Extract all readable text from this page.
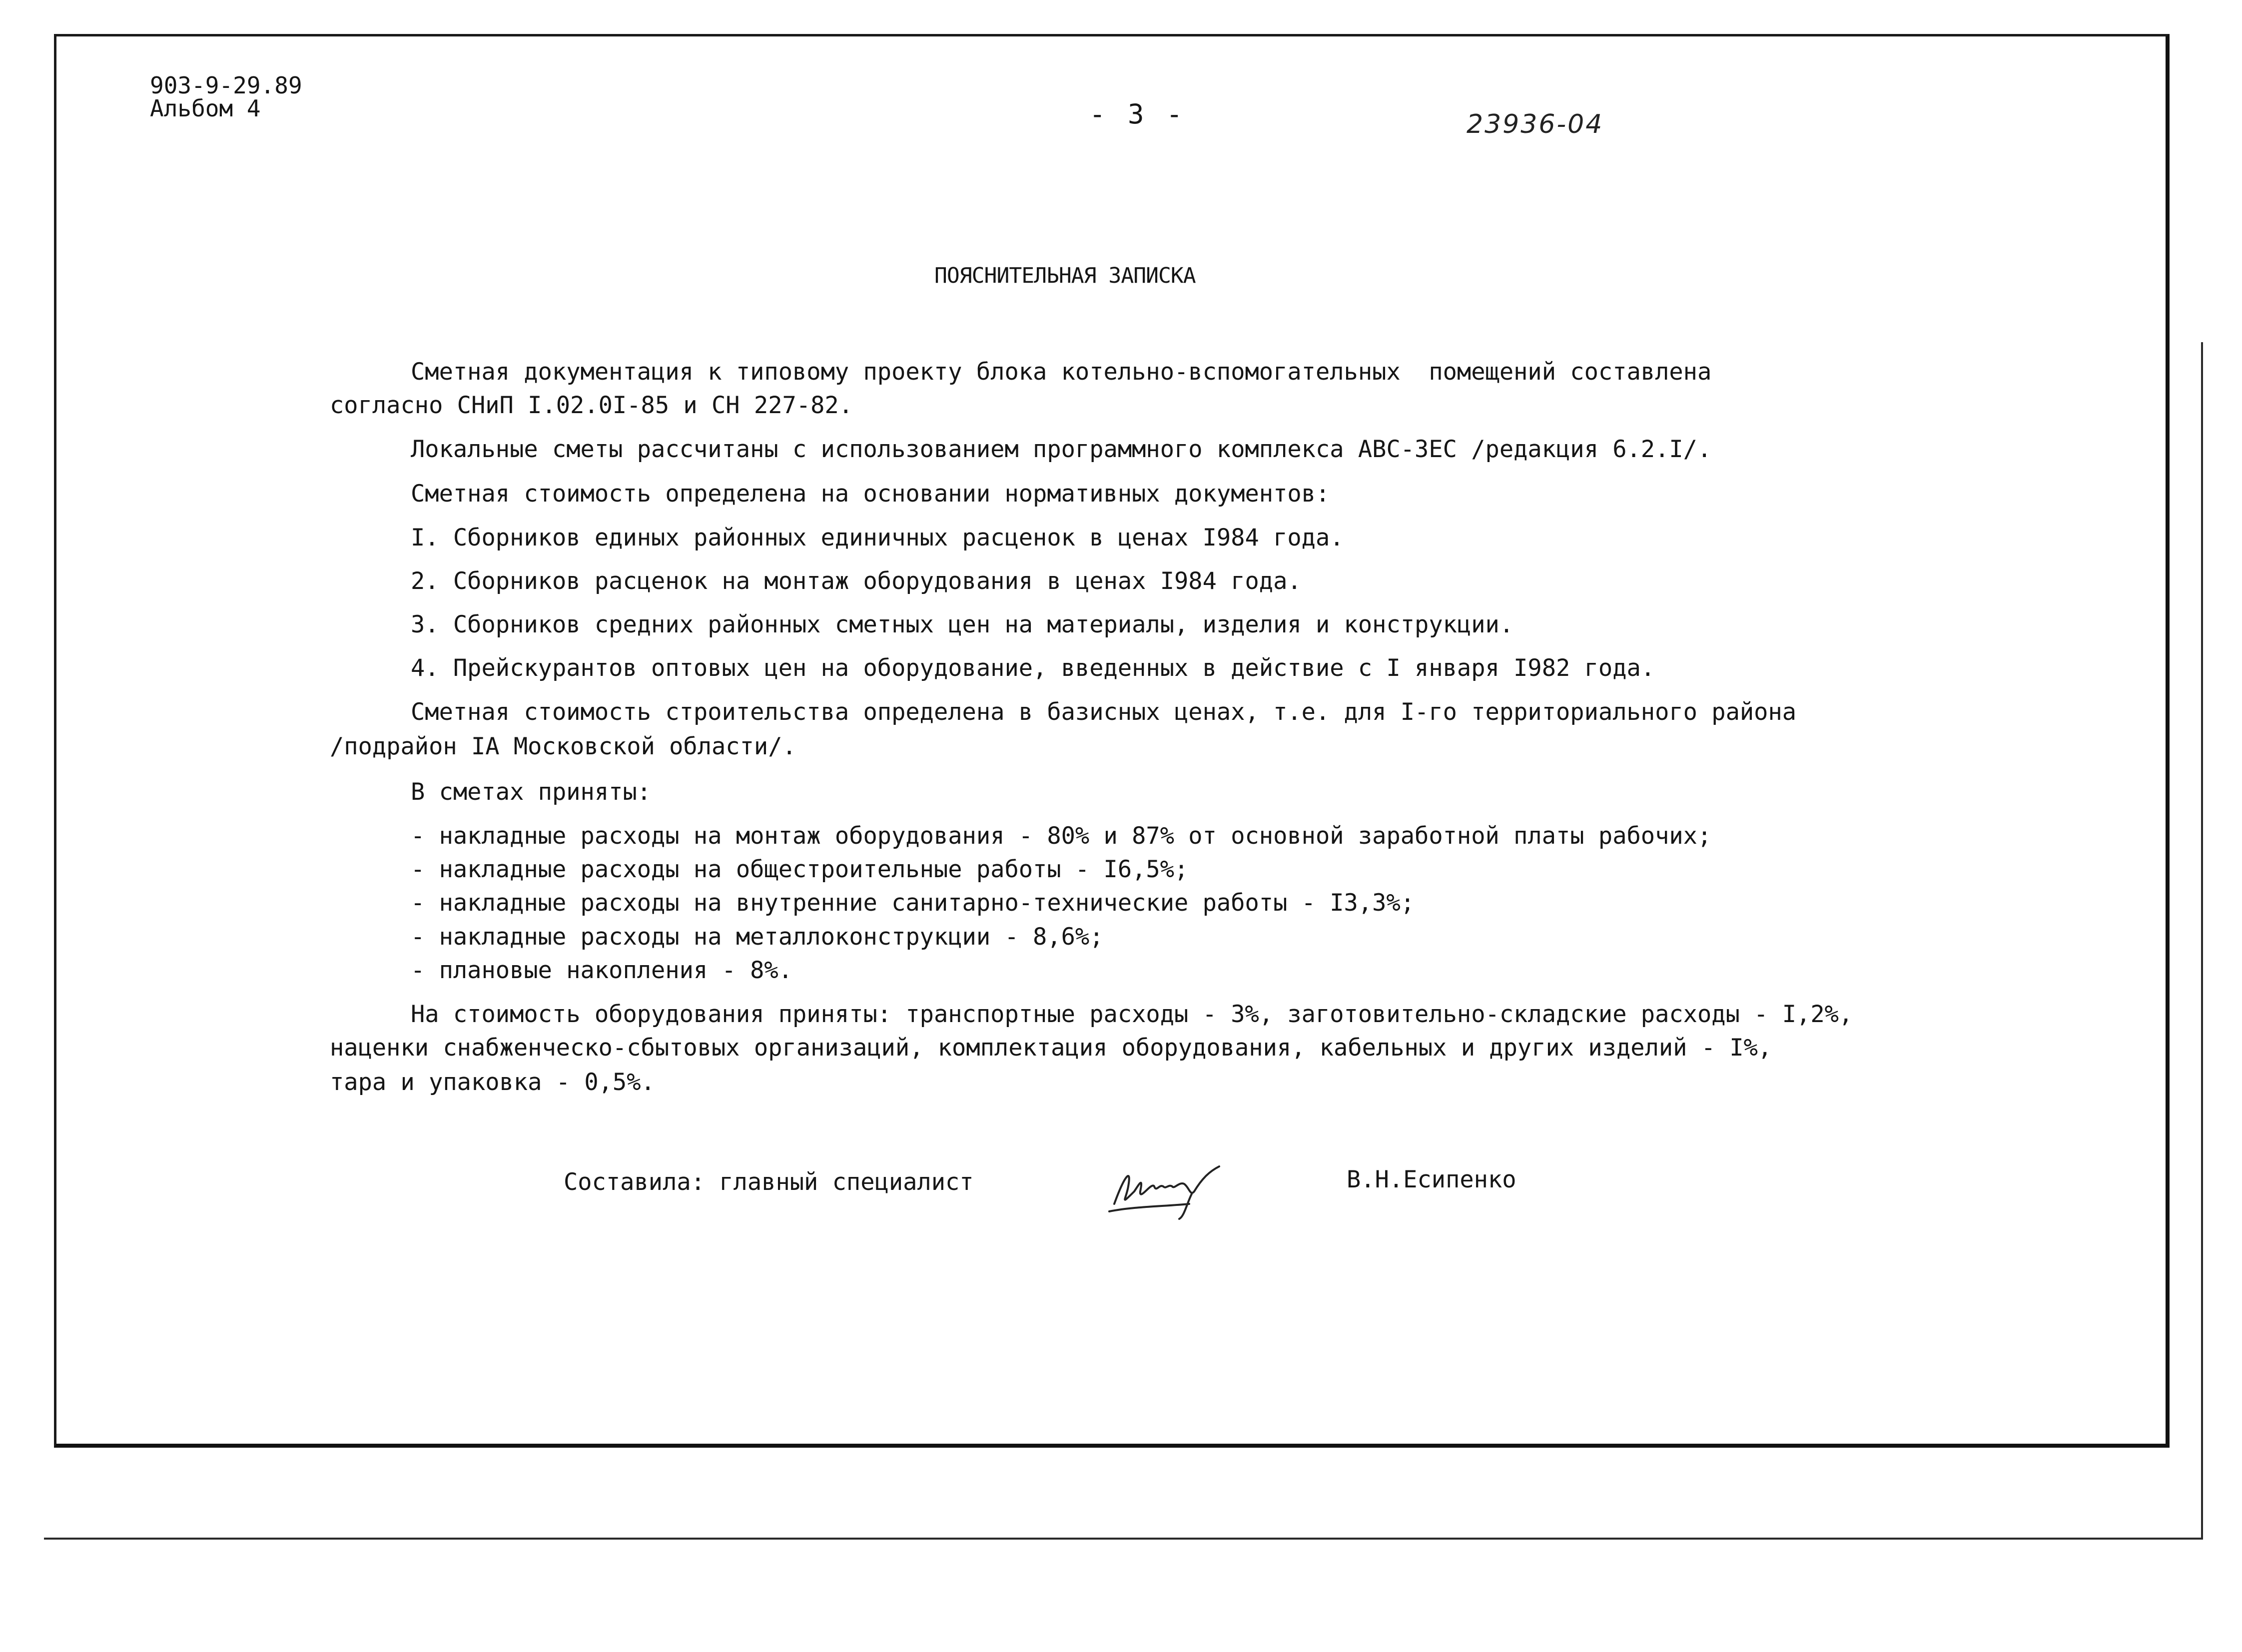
903-9-29.89
Альбом 4	- 3 -	23936-04
ПОЯСНИТЕЛЬНАЯ ЗАПИСКА
Сметная документация к типовому проекту блока котельно-вспомогательных  помещений составлена
согласно СНиП I.02.0I-85 и СН 227-82.
Локальные сметы рассчитаны с использованием программного комплекса АВС-ЗЕС /редакция 6.2.I/.
Сметная стоимость определена на основании нормативных документов:
I. Сборников единых районных единичных расценок в ценах I984 года.
2. Сборников расценок на монтаж оборудования в ценах I984 года.
3. Сборников средних районных сметных цен на материалы, изделия и конструкции.
4. Прейскурантов оптовых цен на оборудование, введенных в действие с I января I982 года.
Сметная стоимость строительства определена в базисных ценах, т.е. для I-го территориального района
/подрайон IА Московской области/.
В сметах приняты:
- накладные расходы на монтаж оборудования - 80% и 87% от основной заработной платы рабочих;
- накладные расходы на общестроительные работы - I6,5%;
- накладные расходы на внутренние санитарно-технические работы - I3,3%;
- накладные расходы на металлоконструкции - 8,6%;
- плановые накопления - 8%.
На стоимость оборудования приняты: транспортные расходы - 3%, заготовительно-складские расходы - I,2%,
наценки снабженческо-сбытовых организаций, комплектация оборудования, кабельных и других изделий - I%,
тара и упаковка - 0,5%.
Составила: главный специалист	В.Н.Есипенко
